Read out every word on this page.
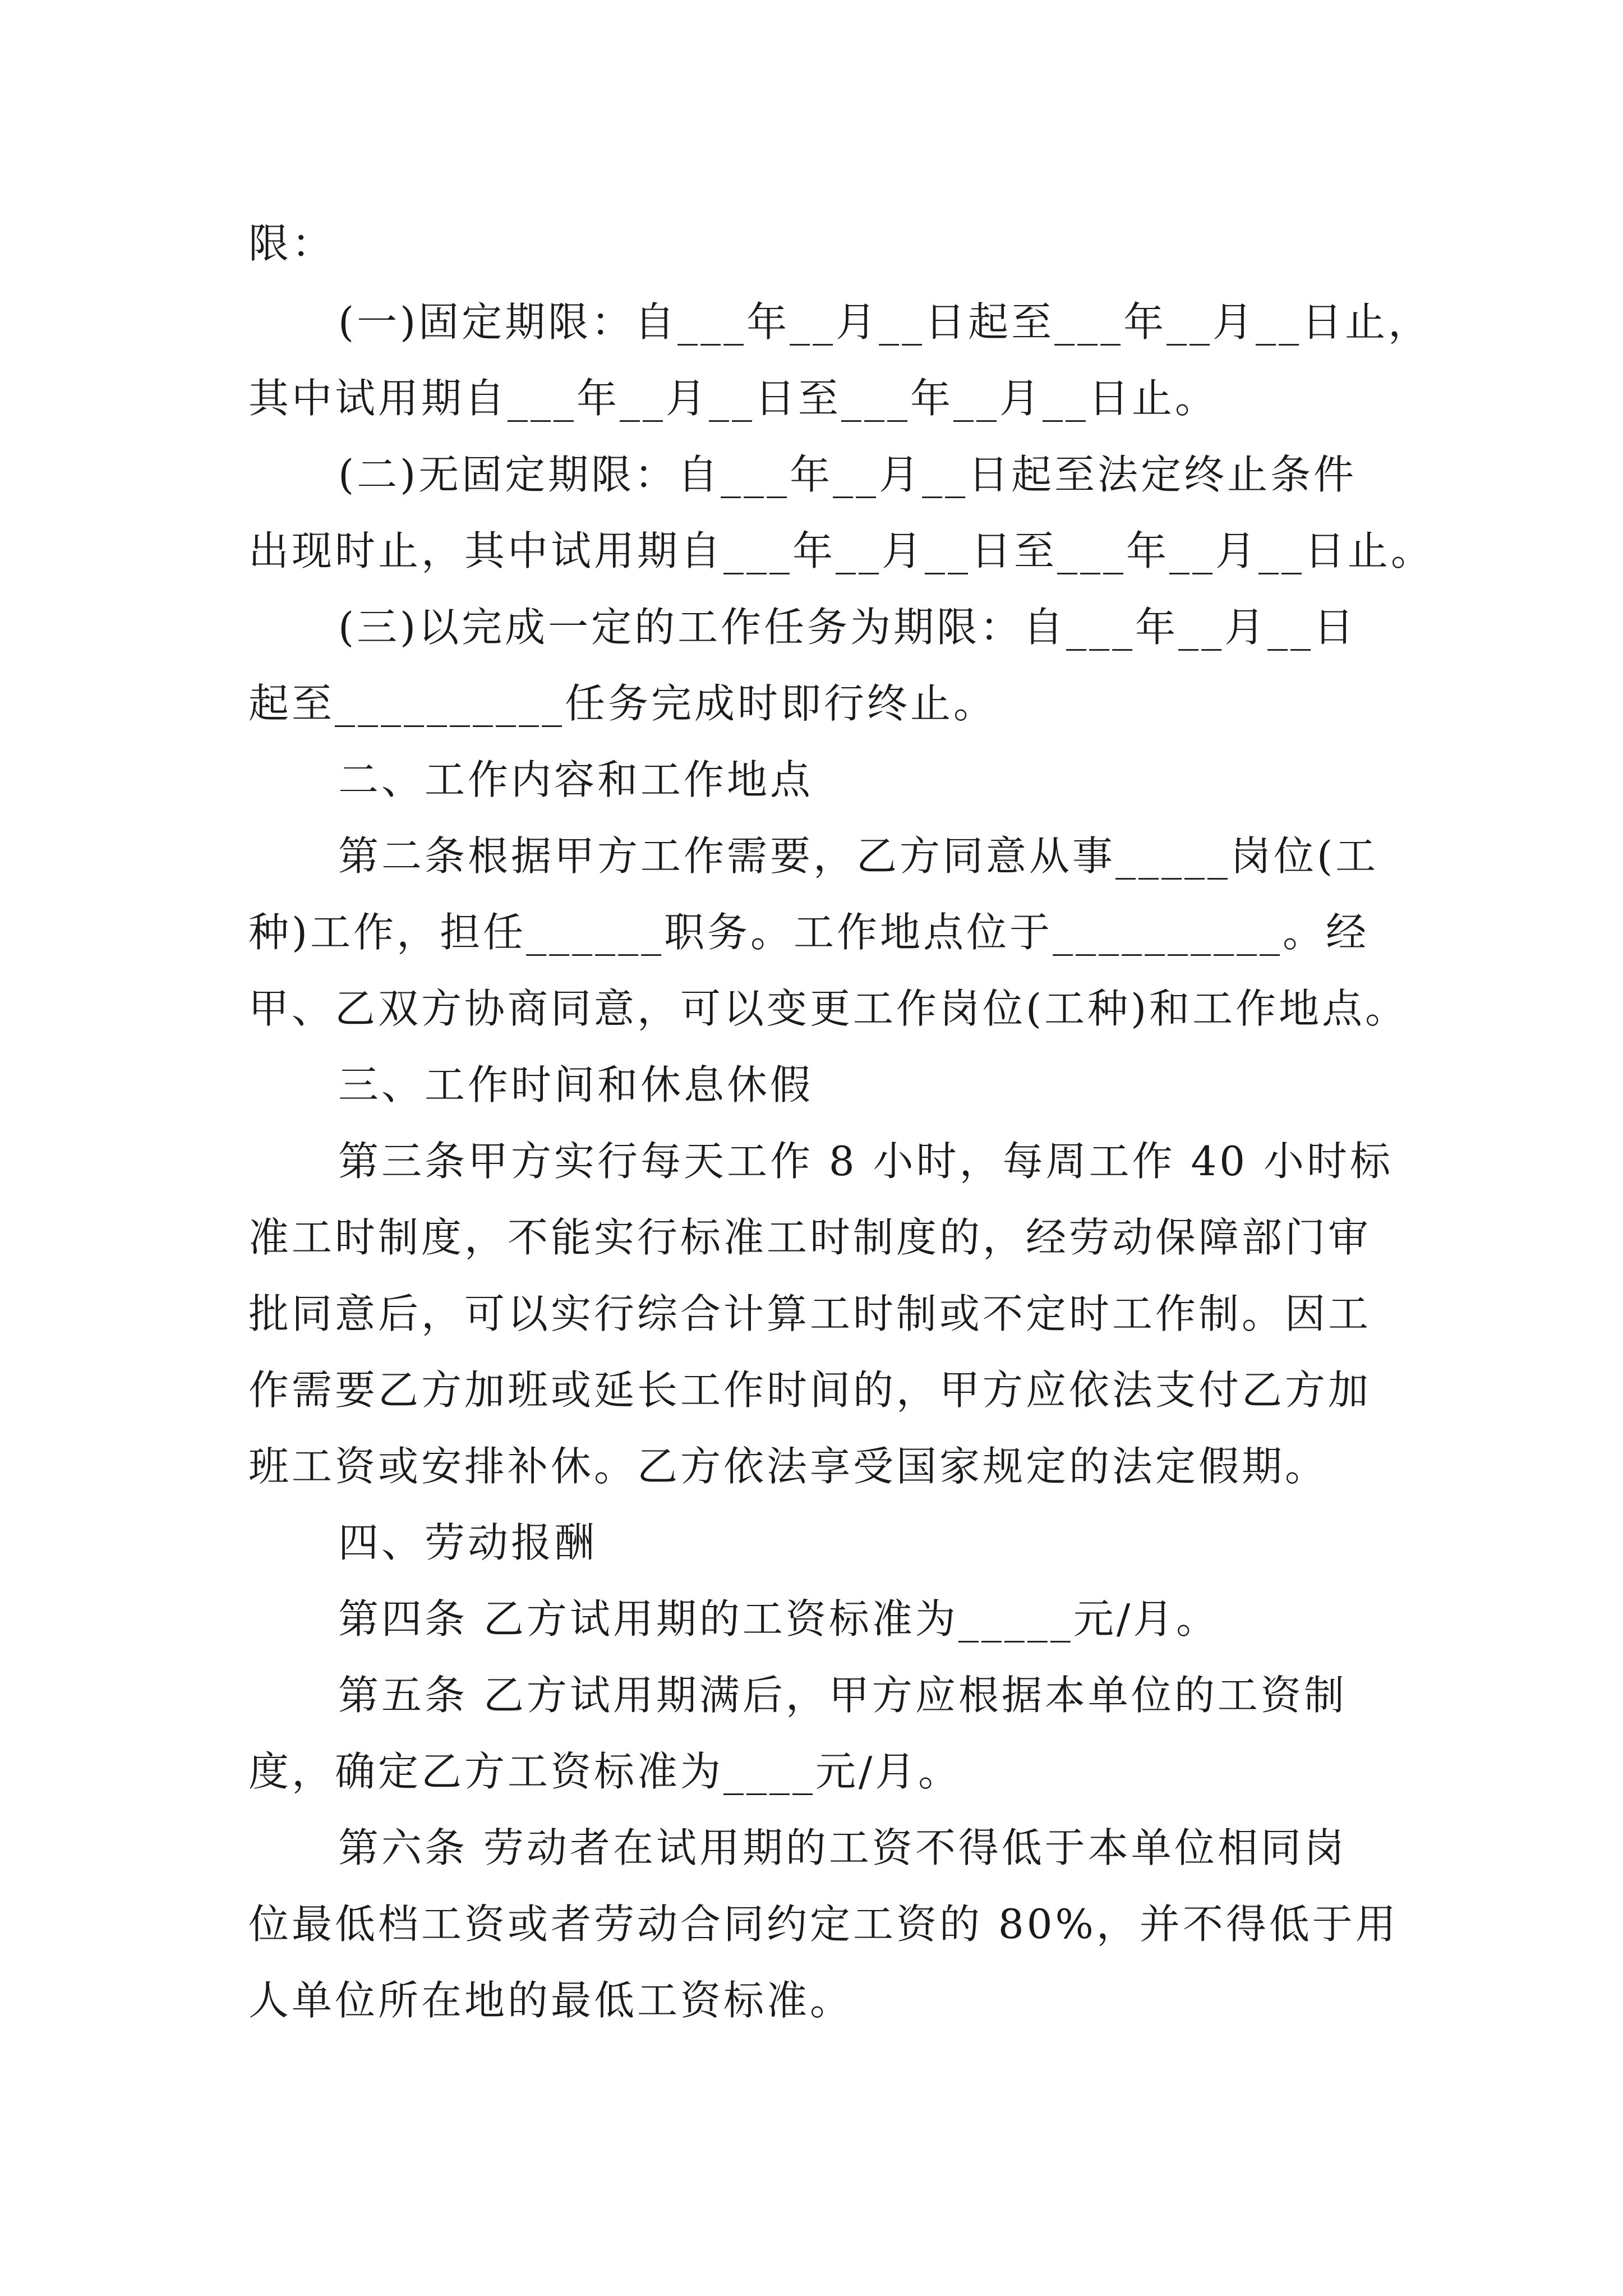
限：
(一)固定期限：自___年__月__日起至___年__月__日止，
其中试用期自___年__月__日至___年__月__日止。
(二)无固定期限：自___年__月__日起至法定终止条件
出现时止，其中试用期自___年__月__日至___年__月__日止。
(三)以完成一定的工作任务为期限：自___年__月__日
起至__________任务完成时即行终止。
二、工作内容和工作地点
第二条根据甲方工作需要，乙方同意从事_____岗位(工
种)工作，担任______职务。工作地点位于__________。经
甲、乙双方协商同意，可以变更工作岗位(工种)和工作地点。
三、工作时间和休息休假
第三条甲方实行每天工作 8 小时，每周工作 40 小时标
准工时制度，不能实行标准工时制度的，经劳动保障部门审
批同意后，可以实行综合计算工时制或不定时工作制。因工
作需要乙方加班或延长工作时间的，甲方应依法支付乙方加
班工资或安排补休。乙方依法享受国家规定的法定假期。
四、劳动报酬
第四条 乙方试用期的工资标准为_____元/月。
第五条 乙方试用期满后，甲方应根据本单位的工资制
度，确定乙方工资标准为____元/月。
第六条 劳动者在试用期的工资不得低于本单位相同岗
位最低档工资或者劳动合同约定工资的 80%，并不得低于用
人单位所在地的最低工资标准。
